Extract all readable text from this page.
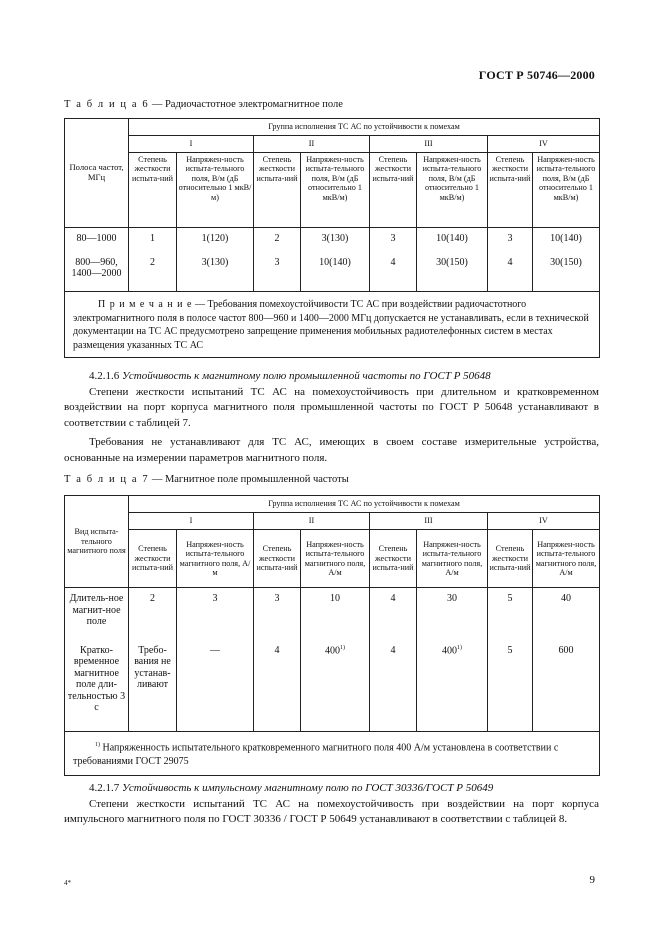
ГОСТ Р 50746—2000
Т а б л и ц а 6 — Радиочастотное электромагнитное поле
Полоса частот, МГц	Группа исполнения ТС АС по устойчивости к помехам							
	I		II		III		IV	
	Степень жесткости испыта-ний	Напряжен-ность испыта-тельного поля, В/м (дБ относительно 1 мкВ/м)	Степень жесткости испыта-ний	Напряжен-ность испыта-тельного поля, В/м (дБ относительно 1 мкВ/м)	Степень жесткости испыта-ний	Напряжен-ность испыта-тельного поля, В/м (дБ относительно 1 мкВ/м)	Степень жесткости испыта-ний	Напряжен-ность испыта-тельного поля, В/м (дБ относительно 1 мкВ/м)
80—1000	1	1(120)	2	3(130)	3	10(140)	3	10(140)
800—960, 1400—2000	2	3(130)	3	10(140)	4	30(150)	4	30(150)
П р и м е ч а н и е — Требования помехоустойчивости ТС АС при воздействии радиочастотного электромагнитного поля в полосе частот 800—960 и 1400—2000 МГц допускается не устанавливать, если в технической документации на ТС АС предусмотрено запрещение применения мобильных радиотелефонных систем в местах размещения указанных ТС АС								

4.2.1.6 Устойчивость к магнитному полю промышленной частоты по ГОСТ Р 50648

Степени жесткости испытаний ТС АС на помехоустойчивость при длительном и кратковременном воздействии на порт корпуса магнитного поля промышленной частоты по ГОСТ Р 50648 устанавливают в соответствии с таблицей 7.

Требования не устанавливают для ТС АС, имеющих в своем составе измерительные устройства, основанные на измерении параметров магнитного поля.

Т а б л и ц а 7 — Магнитное поле промышленной частоты
Вид испыта-тельного магнитного поля	Группа исполнения ТС АС по устойчивости к помехам							
	I		II		III		IV	
	Степень жесткости испыта-ний	Напряжен-ность испыта-тельного магнитного поля, А/м	Степень жесткости испыта-ний	Напряжен-ность испыта-тельного магнитного поля, А/м	Степень жесткости испыта-ний	Напряжен-ность испыта-тельного магнитного поля, А/м	Степень жесткости испыта-ний	Напряжен-ность испыта-тельного магнитного поля, А/м
Длитель-ное магнит-ное поле	2	3	3	10	4	30	5	40
Кратко-временное магнитное поле дли-тельностью 3 с	Требо-вания не устанав-ливают	—	4	400$^{1)}$	4	400$^{1)}$	5	600
$^{1)}$ Напряженность испытательного кратковременного магнитного поля 400 А/м установлена в соответствии с требованиями ГОСТ 29075								

4.2.1.7 Устойчивость к импульсному магнитному полю по ГОСТ 30336/ГОСТ Р 50649

Степени жесткости испытаний ТС АС на помехоустойчивость при воздействии на порт корпуса импульсного магнитного поля по ГОСТ 30336 / ГОСТ Р 50649 устанавливают в соответствии с таблицей 8.

4*	9
